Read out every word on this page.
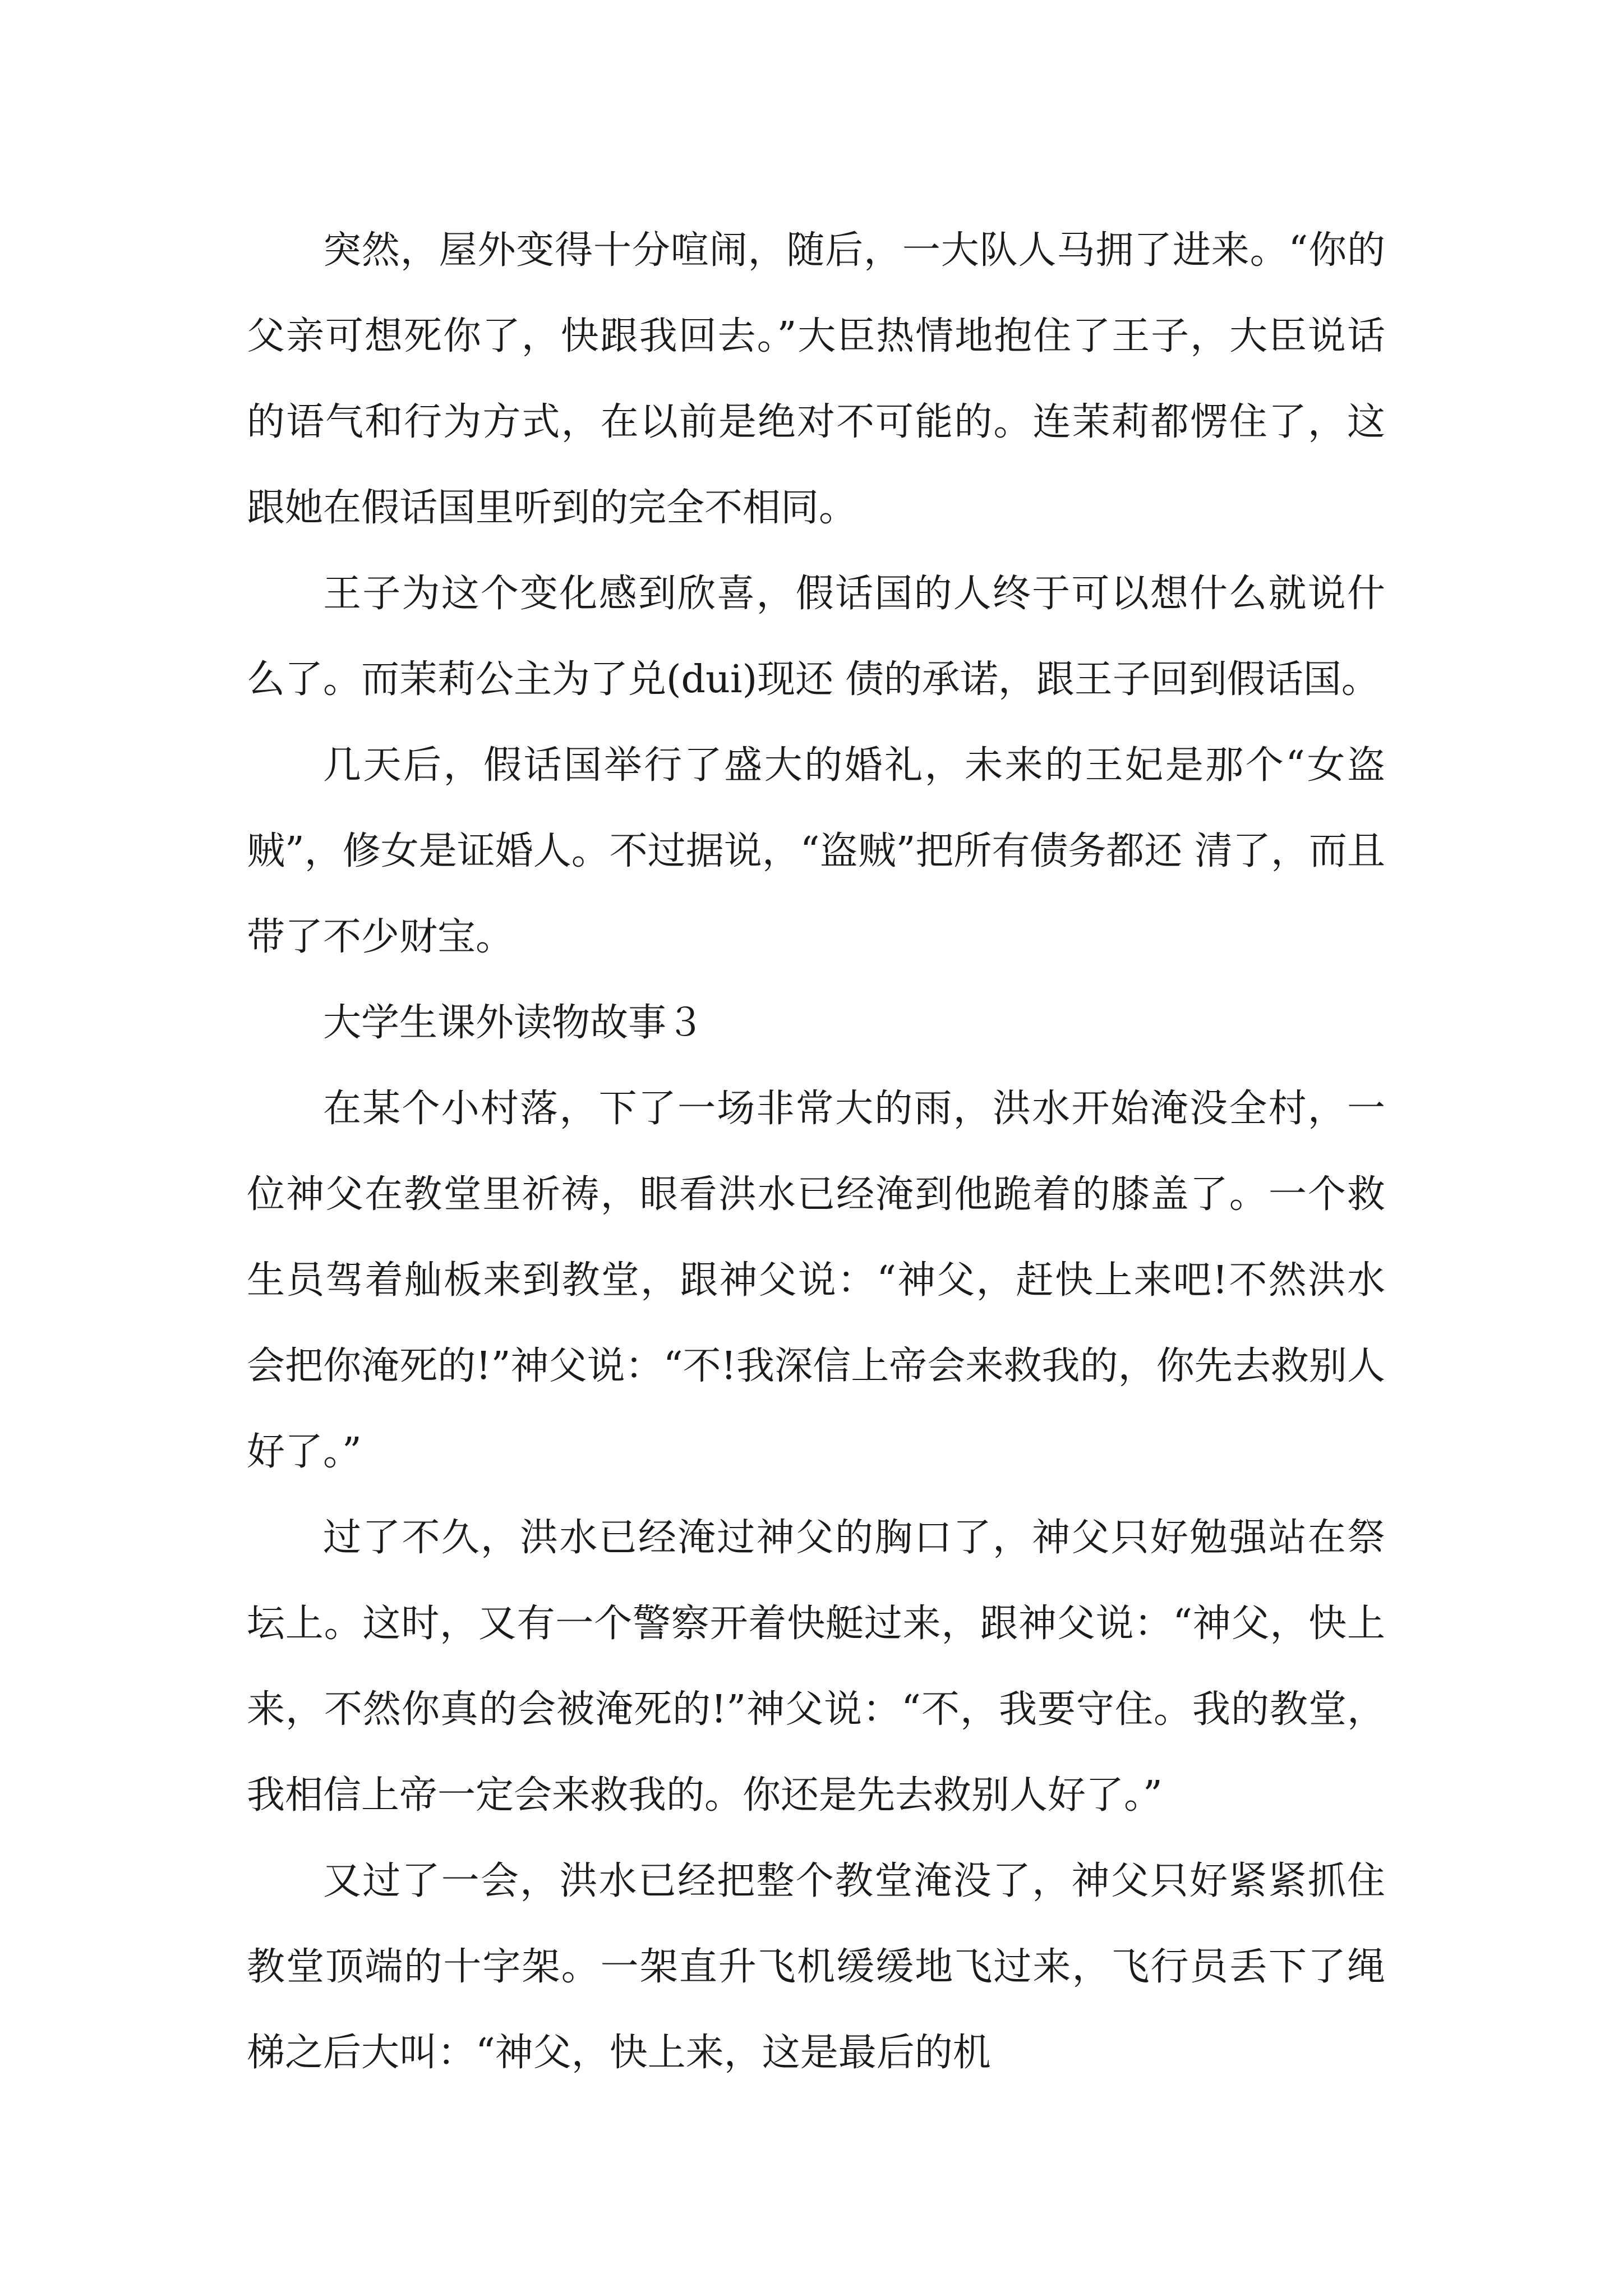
突然，屋外变得十分喧闹，随后，一大队人马拥了进来。“你的父亲可想死你了，快跟我回去。”大臣热情地抱住了王子，大臣说话的语气和行为方式，在以前是绝对不可能的。连茉莉都愣住了，这跟她在假话国里听到的完全不相同。

王子为这个变化感到欣喜，假话国的人终于可以想什么就说什么了。而茉莉公主为了兑(dui)现还 债的承诺，跟王子回到假话国。

几天后，假话国举行了盛大的婚礼，未来的王妃是那个“女盗贼”，修女是证婚人。不过据说，“盗贼”把所有债务都还 清了，而且带了不少财宝。

大学生课外读物故事３

在某个小村落，下了一场非常大的雨，洪水开始淹没全村，一位神父在教堂里祈祷，眼看洪水已经淹到他跪着的膝盖了。一个救生员驾着舢板来到教堂，跟神父说：“神父，赶快上来吧!不然洪水会把你淹死的!”神父说：“不!我深信上帝会来救我的，你先去救别人好了。”

过了不久，洪水已经淹过神父的胸口了，神父只好勉强站在祭坛上。这时，又有一个警察开着快艇过来，跟神父说：“神父，快上来，不然你真的会被淹死的!”神父说：“不，我要守住。我的教堂，我相信上帝一定会来救我的。你还是先去救别人好了。”

又过了一会，洪水已经把整个教堂淹没了，神父只好紧紧抓住教堂顶端的十字架。一架直升飞机缓缓地飞过来，飞行员丢下了绳梯之后大叫：“神父，快上来，这是最后的机
